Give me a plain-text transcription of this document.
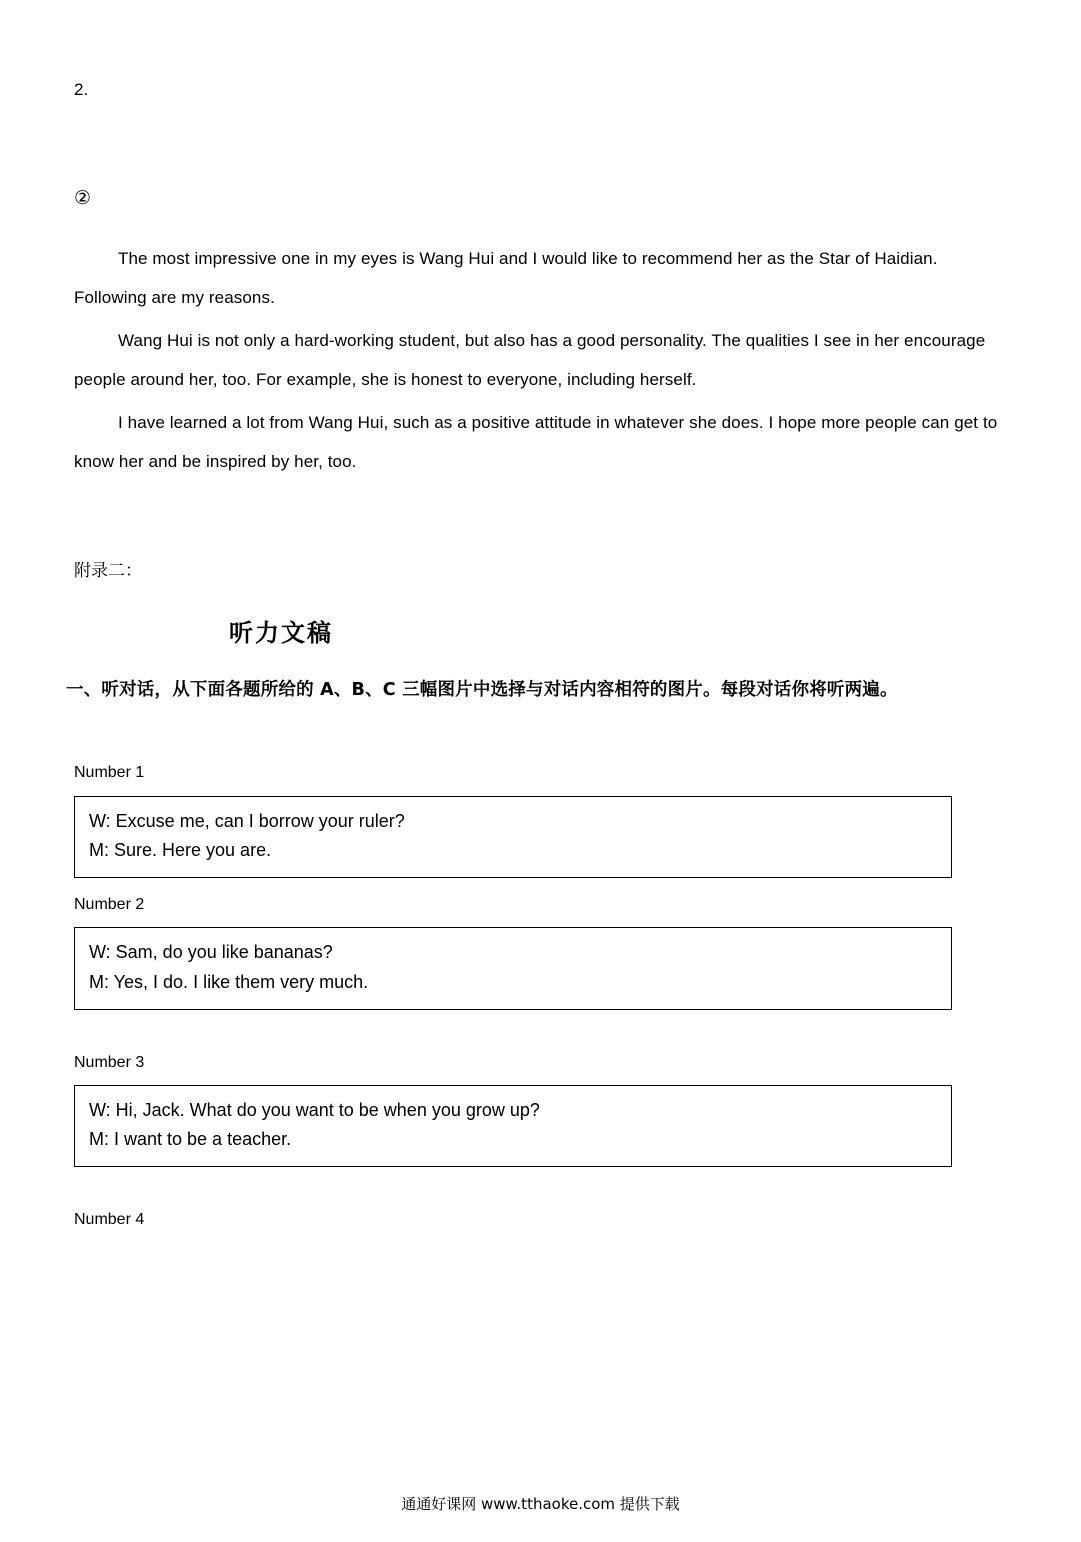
2.
②

The most impressive one in my eyes is Wang Hui and I would like to recommend her as the Star of Haidian. Following are my reasons.

Wang Hui is not only a hard-working student, but also has a good personality. The qualities I see in her encourage people around her, too. For example, she is honest to everyone, including herself.

I have learned a lot from Wang Hui, such as a positive attitude in whatever she does. I hope more people can get to know her and be inspired by her, too.

附录二：
听力文稿
一、听对话，从下面各题所给的 A、B、C 三幅图片中选择与对话内容相符的图片。每段对话你将听两遍。
Number 1
W: Excuse me, can I borrow your ruler?
M: Sure. Here you are.
Number 2
W: Sam, do you like bananas?
M: Yes, I do. I like them very much.
Number 3
W: Hi, Jack. What do you want to be when you grow up?
M: I want to be a teacher.
Number 4
通通好课网 www.tthaoke.com 提供下载
